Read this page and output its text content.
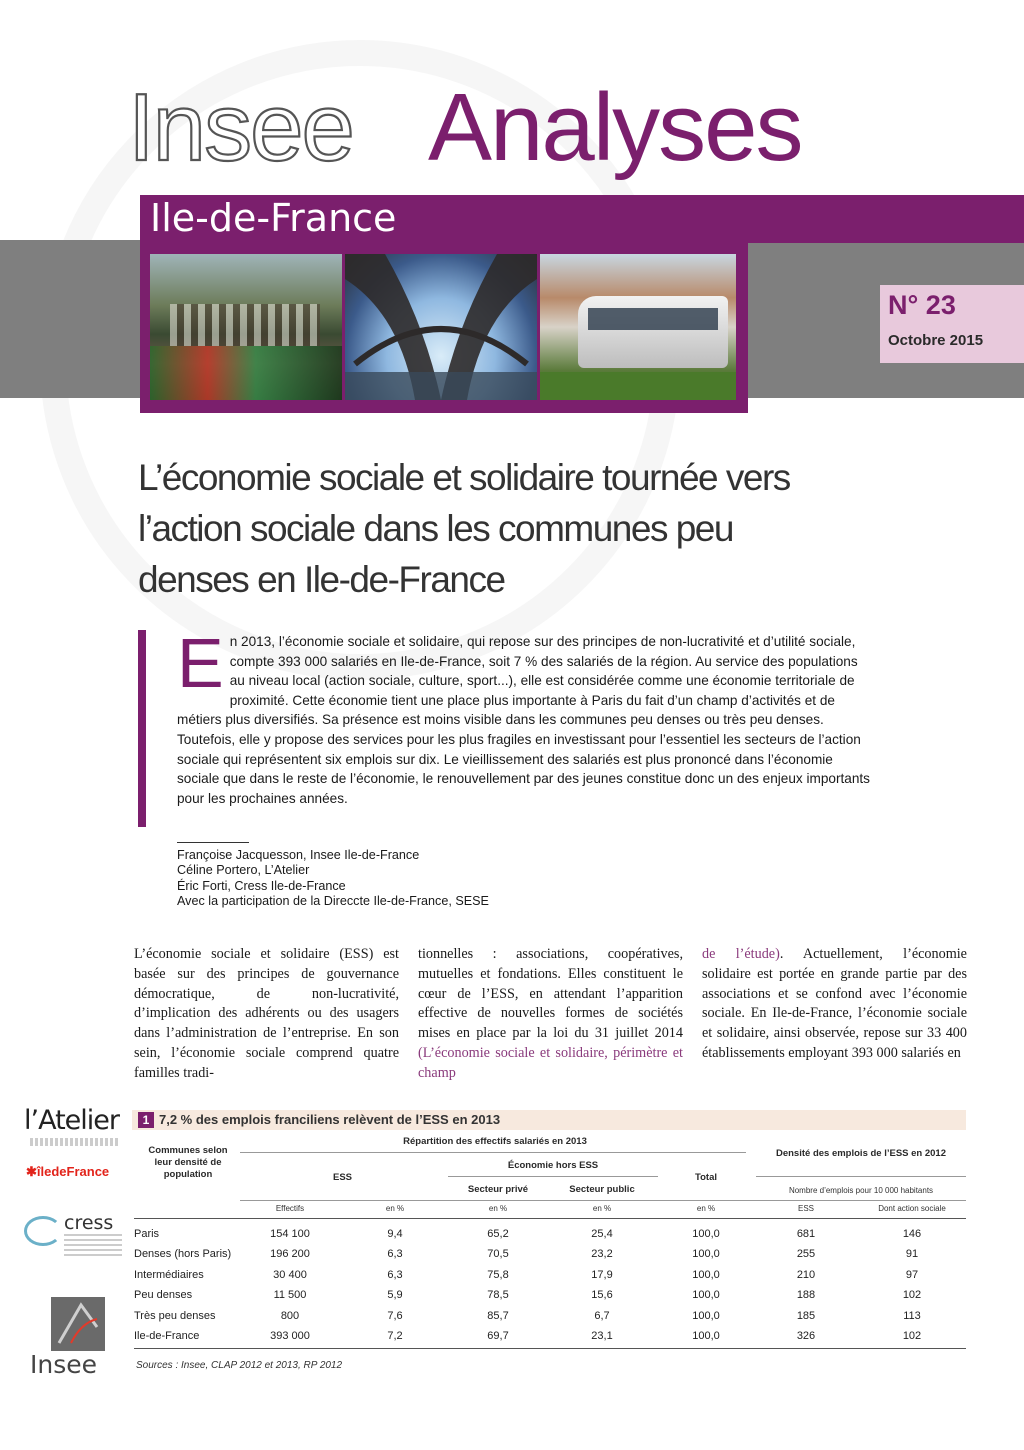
Insee Analyses
Ile-de-France
N° 23
Octobre 2015
L’économie sociale et solidaire tournée vers l’action sociale dans les communes peu denses en Ile-de-France

En 2013, l’économie sociale et solidaire, qui repose sur des principes de non-lucrativité et d’utilité sociale, compte 393 000 salariés en Ile-de-France, soit 7 % des salariés de la région. Au service des populations au niveau local (action sociale, culture, sport...), elle est considérée comme une économie territoriale de proximité. Cette économie tient une place plus importante à Paris du fait d’un champ d’activités et de métiers plus diversifiés. Sa présence est moins visible dans les communes peu denses ou très peu denses. Toutefois, elle y propose des services pour les plus fragiles en investissant pour l’essentiel les secteurs de l’action sociale qui représentent six emplois sur dix. Le vieillissement des salariés est plus prononcé dans l’économie sociale que dans le reste de l’économie, le renouvellement par des jeunes constitue donc un des enjeux importants pour les prochaines années.

Françoise Jacquesson, Insee Ile-de-France
Céline Portero, L’Atelier
Éric Forti, Cress Ile-de-France
Avec la participation de la Direccte Ile-de-France, SESE

L’économie sociale et solidaire (ESS) est basée sur des principes de gouvernance démocratique, de non-lucrativité, d’implication des adhérents ou des usagers dans l’administration de l’entreprise. En son sein, l’économie sociale comprend quatre familles tradi-

tionnelles : associations, coopératives, mutuelles et fondations. Elles constituent le cœur de l’ESS, en attendant l’apparition effective de nouvelles formes de sociétés mises en place par la loi du 31 juillet 2014 (L’économie sociale et solidaire, périmètre et champ

de l’étude). Actuellement, l’économie solidaire est portée en grande partie par des associations et se confond avec l’économie sociale. En Ile-de-France, l’économie sociale et solidaire, ainsi observée, repose sur 33 400 établissements employant 393 000 salariés en

l’Atelier
✱îledeFrance
cress
Insee
1 7,2 % des emplois franciliens relèvent de l’ESS en 2013
Communes selon leur densité de population
Répartition des effectifs salariés en 2013
ESS
Économie hors ESS
Secteur privé	Secteur public
Total
Densité des emplois de l’ESS en 2012
Nombre d’emplois pour 10 000 habitants
Effectifs	en %	en %	en %	en %	ESS	Dont action sociale
Paris	154 100	9,4	65,2	25,4	100,0	681	146
Denses (hors Paris)	196 200	6,3	70,5	23,2	100,0	255	91
Intermédiaires	30 400	6,3	75,8	17,9	100,0	210	97
Peu denses	11 500	5,9	78,5	15,6	100,0	188	102
Très peu denses	800	7,6	85,7	6,7	100,0	185	113
Ile-de-France	393 000	7,2	69,7	23,1	100,0	326	102
Sources : Insee, CLAP 2012 et 2013, RP 2012
